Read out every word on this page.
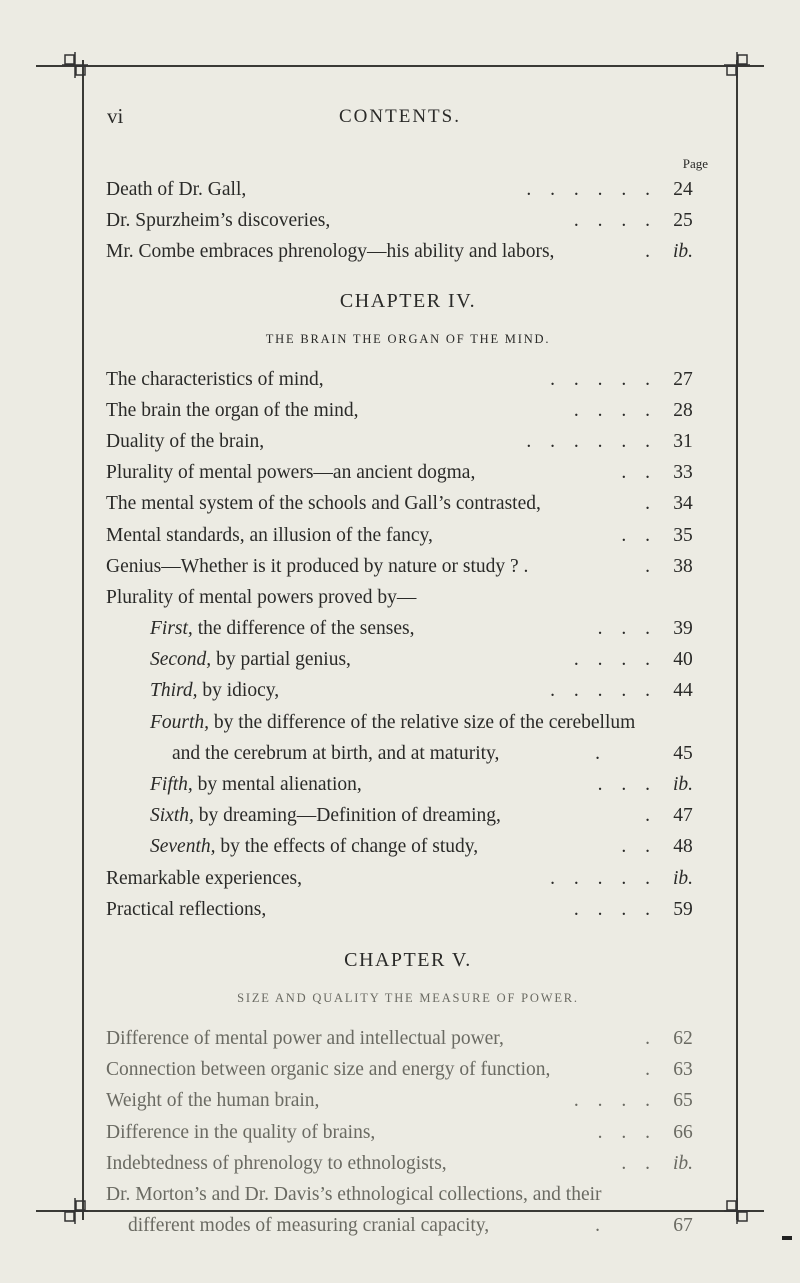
vi	CONTENTS.
Page
Death of Dr. Gall,	. . . . . .	24
Dr. Spurzheim’s discoveries,	. . . .	25
Mr. Combe embraces phrenology—his ability and labors,	.	ib.
CHAPTER IV.
THE BRAIN THE ORGAN OF THE MIND.
The characteristics of mind,	. . . . .	27
The brain the organ of the mind,	. . . .	28
Duality of the brain,	. . . . . .	31
Plurality of mental powers—an ancient dogma,	. .	33
The mental system of the schools and Gall’s contrasted,	.	34
Mental standards, an illusion of the fancy,	. .	35
Genius—Whether is it produced by nature or study ? .	.	38
Plurality of mental powers proved by—
First, the difference of the senses,	. . .	39
Second, by partial genius,	. . . .	40
Third, by idiocy,	. . . . .	44
Fourth, by the difference of the relative size of the cerebellum
and the cerebrum at birth, and at maturity,	.	45
Fifth, by mental alienation,	. . .	ib.
Sixth, by dreaming—Definition of dreaming,	.	47
Seventh, by the effects of change of study,	. .	48
Remarkable experiences,	. . . . .	ib.
Practical reflections,	. . . .	59
CHAPTER V.
SIZE AND QUALITY THE MEASURE OF POWER.
Difference of mental power and intellectual power,	.	62
Connection between organic size and energy of function,	.	63
Weight of the human brain,	. . . .	65
Difference in the quality of brains,	. . .	66
Indebtedness of phrenology to ethnologists,	. .	ib.
Dr. Morton’s and Dr. Davis’s ethnological collections, and their
different modes of measuring cranial capacity,	.	67
